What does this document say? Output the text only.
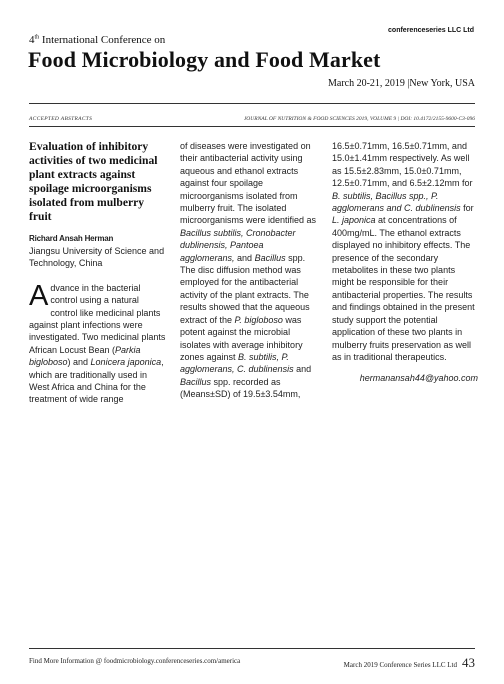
conferenceseries LLC Ltd
4th International Conference on
Food Microbiology and Food Market
March 20-21, 2019 |New York, USA
ACCEPTED ABSTRACTS	JOURNAL OF NUTRITION & FOOD SCIENCES 2019, VOLUME 9 | DOI: 10.4172/2155-9600-C3-096
Evaluation of inhibitory activities of two medicinal plant extracts against spoilage microorganisms isolated from mulberry fruit
Richard Ansah Herman
Jiangsu University of Science and Technology, China
Advance in the bacterial control using a natural control like medicinal plants against plant infections were investigated. Two medicinal plants African Locust Bean (Parkia bigloboso) and Lonicera japonica, which are traditionally used in West Africa and China for the treatment of wide range
of diseases were investigated on their antibacterial activity using aqueous and ethanol extracts against four spoilage microorganisms isolated from mulberry fruit. The isolated microorganisms were identified as Bacillus subtilis, Cronobacter dublinensis, Pantoea agglomerans, and Bacillus spp. The disc diffusion method was employed for the antibacterial activity of the plant extracts. The results showed that the aqueous extract of the P. bigloboso was potent against the microbial isolates with average inhibitory zones against B. subtilis, P. agglomerans, C. dublinensis and Bacillus spp. recorded as (Means±SD) of 19.5±3.54mm,
16.5±0.71mm, 16.5±0.71mm, and 15.0±1.41mm respectively. As well as 15.5±2.83mm, 15.0±0.71mm, 12.5±0.71mm, and 6.5±2.12mm for B. subtilis, Bacillus spp., P. agglomerans and C. dublinensis for L. japonica at concentrations of 400mg/mL. The ethanol extracts displayed no inhibitory effects. The presence of the secondary metabolites in these two plants might be responsible for their antibacterial properties. The results and findings obtained in the present study support the potential application of these two plants in mulberry fruits preservation as well as in traditional therapeutics.
hermanansah44@yahoo.com
Find More Information @ foodmicrobiology.conferenceseries.com/america	March 2019 Conference Series LLC Ltd 43
